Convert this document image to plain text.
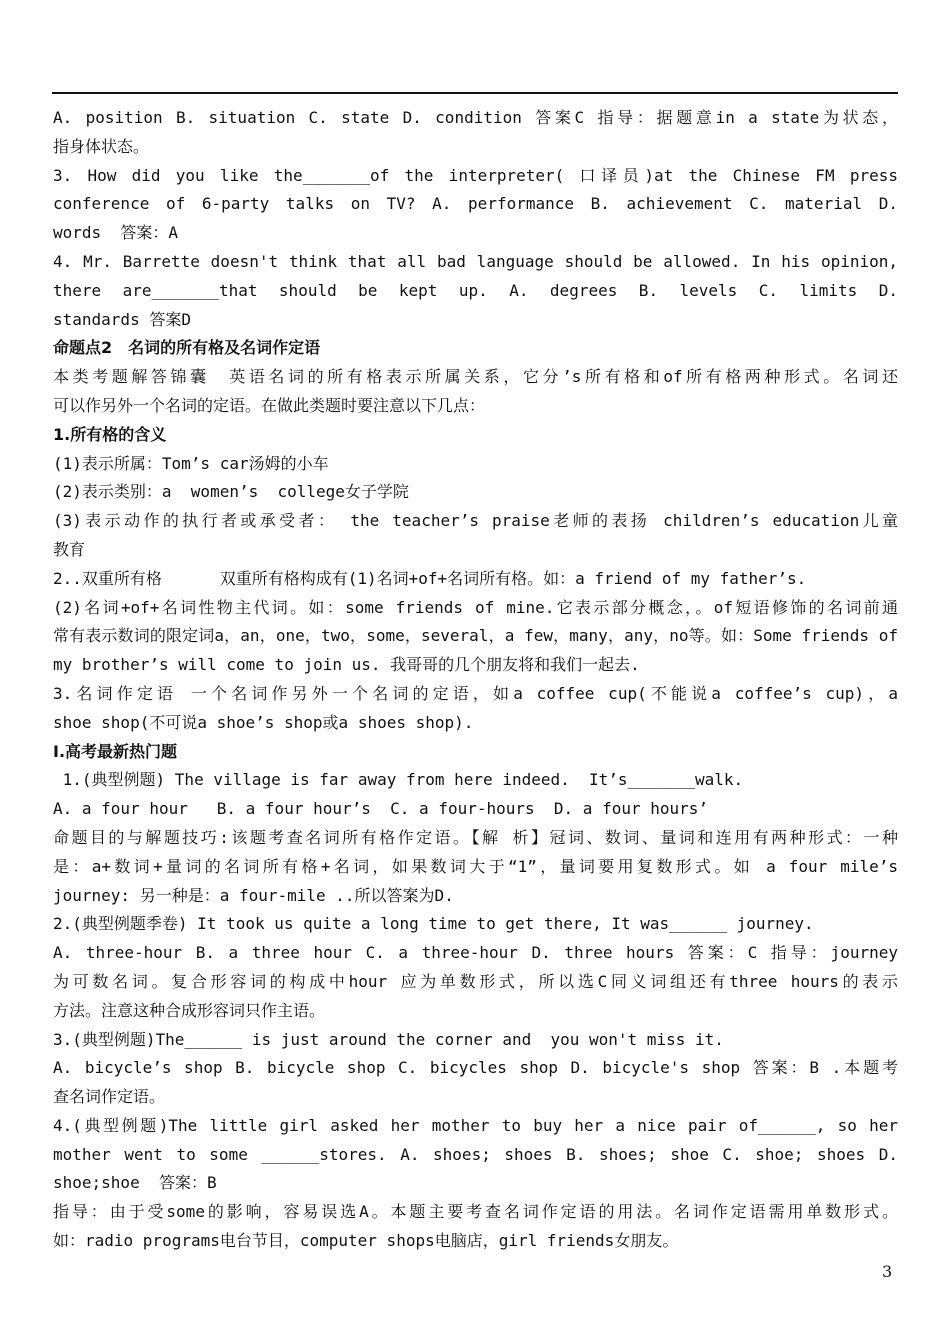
A. position B. situation C. state D. condition 答案C 指导：据题意in a state为状态，
指身体状态。
3. How did you like the_______of the interpreter( 口译员)at the Chinese FM press
conference of 6-party talks on TV? A. performance B. achievement C. material D.
words  答案：A
4. Mr. Barrette doesn't think that all bad language should be allowed. In his opinion,
there are_______that should be kept up. A. degrees B. levels C. limits D.
standards 答案D
命题点2　名词的所有格及名词作定语
本类考题解答锦囊　英语名词的所有格表示所属关系，它分’s所有格和of所有格两种形式。名词还
可以作另外一个名词的定语。在做此类题时要注意以下几点：
1.所有格的含义
(1)表示所属：Tom’s car汤姆的小车
(2)表示类别：a  women’s  college女子学院
(3)表示动作的执行者或承受者： the teacher’s praise老师的表扬 children’s education儿童
教育
2..双重所有格      双重所有格构成有(1)名词+of+名词所有格。如：a friend of my father’s.
(2)名词+of+名词性物主代词。如：some friends of mine.它表示部分概念，。of短语修饰的名词前通
常有表示数词的限定词a，an，one，two，some，several，a few，many，any，no等。如：Some friends of
my brother’s will come to join us. 我哥哥的几个朋友将和我们一起去.
3.名词作定语 一个名词作另外一个名词的定语，如a coffee cup(不能说a coffee’s cup)，a
shoe shop(不可说a shoe’s shop或a shoes shop).
Ⅰ.高考最新热门题
1.(典型例题) The village is far away from here indeed.  It’s_______walk.
A. a four hour   B. a four hour’s  C. a four-hours  D. a four hours’
命题目的与解题技巧:该题考查名词所有格作定语。【解 析】冠词、数词、量词和连用有两种形式：一种
是：a+数词+量词的名词所有格+名词，如果数词大于“1”，量词要用复数形式。如 a four mile’s
journey: 另一种是：a four-mile ..所以答案为D.
2.(典型例题季卷) It took us quite a long time to get there, It was______ journey.
A. three-hour B. a three hour C. a three-hour D. three hours 答案：C 指导：journey
为可数名词。复合形容词的构成中hour 应为单数形式，所以选C同义词组还有three hours的表示
方法。注意这种合成形容词只作主语。
3.(典型例题)The______ is just around the corner and  you won't miss it.
A. bicycle’s shop B. bicycle shop C. bicycles shop D. bicycle's shop 答案：B .本题考
查名词作定语。
4.(典型例题)The little girl asked her mother to buy her a nice pair of______, so her
mother went to some ______stores. A. shoes; shoes B. shoes; shoe C. shoe; shoes D.
shoe;shoe  答案：B
指导：由于受some的影响，容易误选A。本题主要考查名词作定语的用法。名词作定语需用单数形式。
如：radio programs电台节目，computer shops电脑店，girl friends女朋友。
3
